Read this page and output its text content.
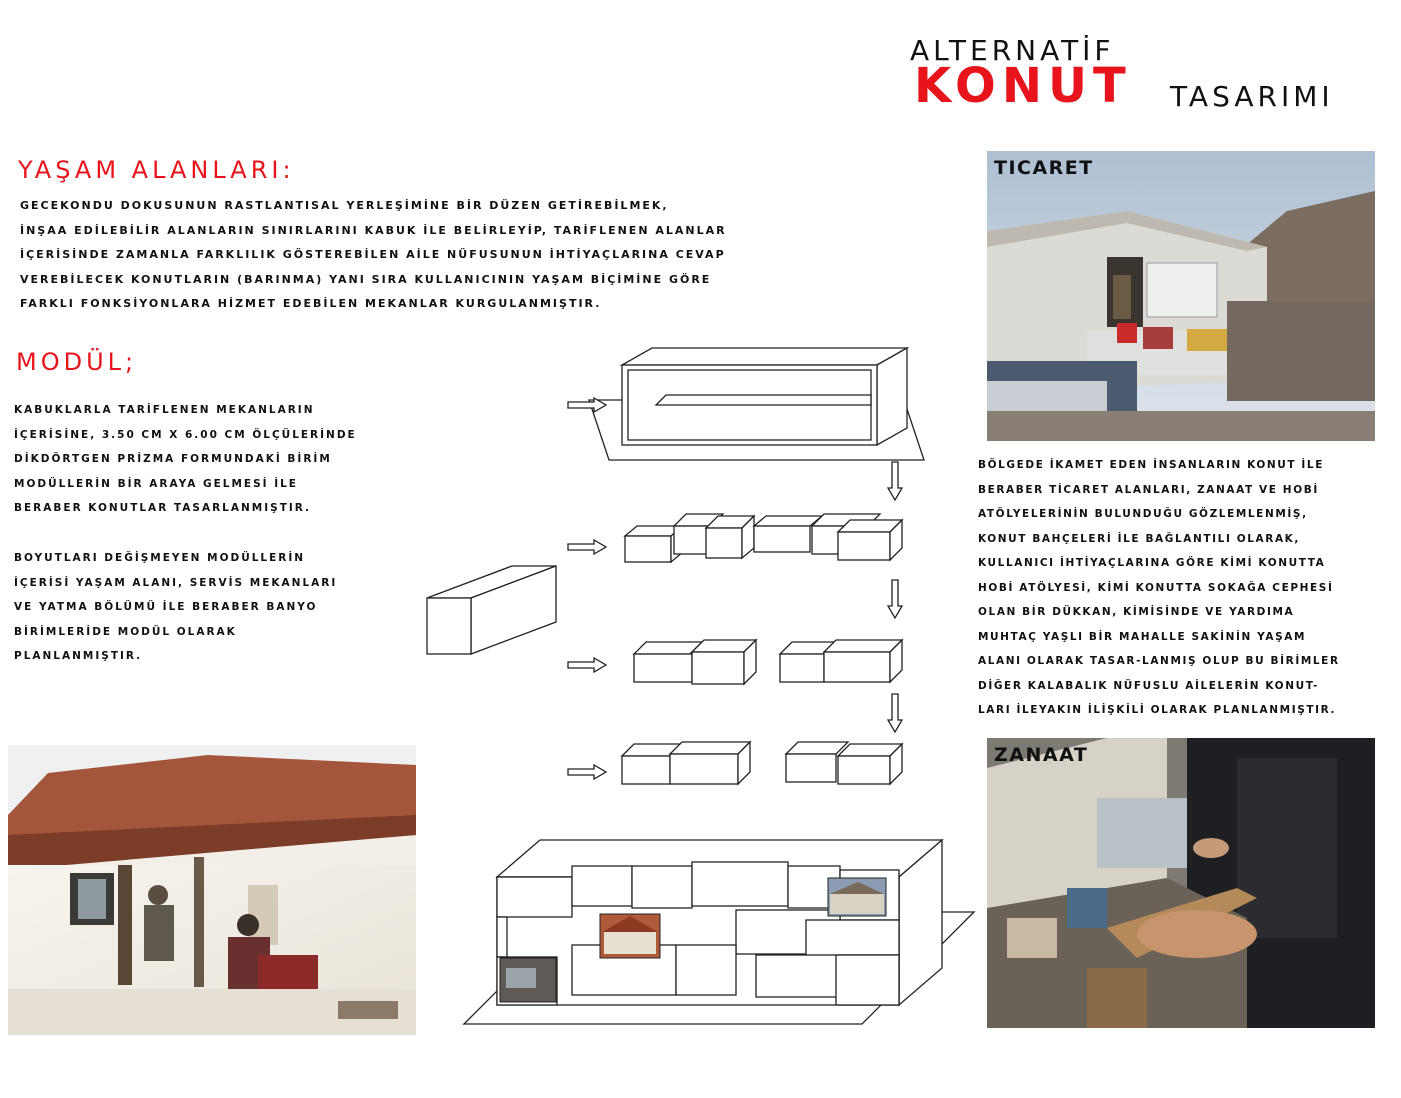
ALTERNATİF
KONUT TASARIMI
YAŞAM ALANLARI:
GECEKONDU DOKUSUNUN RASTLANTISAL YERLEŞİMİNE BİR DÜZEN GETİREBİLMEK,
İNŞAA EDİLEBİLİR ALANLARIN SINIRLARINI KABUK İLE BELİRLEYİP, TARİFLENEN ALANLAR
İÇERİSİNDE ZAMANLA FARKLILIK GÖSTEREBİLEN AİLE NÜFUSUNUN İHTİYAÇLARINA CEVAP
VEREBİLECEK KONUTLARIN (BARINMA) YANI SIRA KULLANICININ YAŞAM BİÇİMİNE GÖRE
FARKLI FONKSİYONLARA HİZMET EDEBİLEN MEKANLAR KURGULANMIŞTIR.
MODÜL;
KABUKLARLA TARİFLENEN MEKANLARIN
İÇERİSİNE, 3.50 CM X 6.00 CM ÖLÇÜLERİNDE
DİKDÖRTGEN PRİZMA FORMUNDAKİ BİRİM
MODÜLLERİN BİR ARAYA GELMESİ İLE
BERABER KONUTLAR TASARLANMIŞTIR.
BOYUTLARI DEĞİŞMEYEN MODÜLLERİN
İÇERİSİ YAŞAM ALANI, SERVİS MEKANLARI
VE YATMA BÖLÜMÜ İLE BERABER BANYO
BİRİMLERİDE MODÜL OLARAK
PLANLANMIŞTIR.
TICARET
BÖLGEDE İKAMET EDEN İNSANLARIN KONUT İLE
BERABER TİCARET ALANLARI, ZANAAT VE HOBİ
ATÖLYELERİNİN BULUNDUĞU GÖZLEMLENMİŞ,
KONUT BAHÇELERİ İLE BAĞLANTILI OLARAK,
KULLANICI İHTİYAÇLARINA GÖRE KİMİ KONUTTA
HOBİ ATÖLYESİ, KİMİ KONUTTA SOKAĞA CEPHESİ
OLAN BİR DÜKKAN, KİMİSİNDE VE YARDIMA
MUHTAÇ YAŞLI BİR MAHALLE SAKİNİN YAŞAM
ALANI OLARAK TASAR-LANMIŞ OLUP BU BİRİMLER
DİĞER KALABALIK NÜFUSLU AİLELERİN KONUT-
LARI İLEYAKIN İLİŞKİLİ OLARAK PLANLANMIŞTIR.
ZANAAT
